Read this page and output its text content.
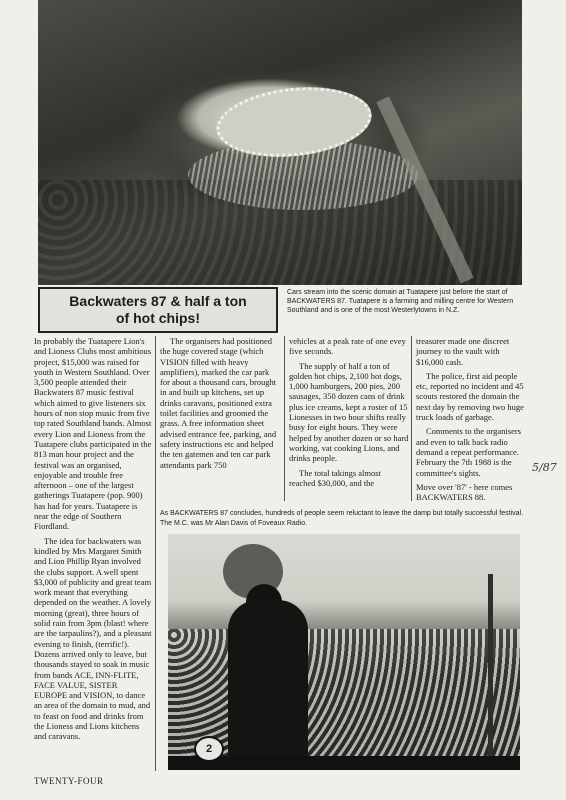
Backwaters 87 & half a ton
of hot chips!
Cars stream into the scenic domain at Tuatapere just before the start of BACKWATERS 87. Tuatapere is a farming and milling centre for Western Southland and is one of the most Westerlytowns in N.Z.

In probably the Tuatapere Lion's and Lioness Clubs most ambitious project, $15,000 was raised for youth in Western Southland. Over 3,500 people attended their Backwaters 87 music festival which aimed to give listeners six hours of non stop music from five top rated Southland bands. Almost every Lion and Lioness from the Tuatapere clubs participated in the 813 man hour project and the festival was an organised, enjoyable and trouble free afternoon – one of the largest gatherings Tuatapere (pop. 900) has had for years. Tuatapere is near the edge of Southern Fiordland.

The idea for backwaters was kindled by Mrs Margaret Smith and Lion Phillip Ryan involved the clubs support. A well spent $3,000 of publicity and great team work meant that everything depended on the weather. A lovely morning (great), three hours of solid rain from 3pm (blast! where are the tarpaulins?), and a pleasant evening to finish, (terrific!). Dozens arrived only to leave, but thousands stayed to soak in music from bands ACE, INN-FLITE, FACE VALUE, SISTER EUROPE and VISION, to dance an area of the domain to mud, and to feast on food and drinks from the Lioness and Lions kitchens and caravans.

The organisers had positioned the huge covered stage (which VISION filled with heavy amplifiers), marked the car park for about a thousand cars, brought in and built up kitchens, set up drinks caravans, positioned extra toilet facilities and groomed the grass. A free information sheet advised entrance fee, parking, and safety instructions etc and helped the ten gatemen and ten car park attendants park 750

vehicles at a peak rate of one evey five seconds.

The supply of half a ton of golden hot chips, 2,100 hot dogs, 1,000 hamburgers, 200 pies, 200 sausages, 350 dozen cans of drink plus ice creams, kept a roster of 15 Lionesses in two hour shifts really busy for eight hours. They were helped by another dozen or so hard working, vat cooking Lions, and drinks people.

The total takings almost reached $30,000, and the

treasurer made one discreet journey to the vault with $16,000 cash.

The police, first aid people etc, reported no incident and 45 scouts restored the domain the next day by removing two huge truck loads of garbage.

Comments to the organisers and even to talk back radio demand a repeat performance. February the 7th 1988 is the committee's sights.

Move over '87' - here comes BACKWATERS 88.

5/87
As BACKWATERS 87 concludes, hundreds of people seem reluctant to leave the damp but totally successful festival.
The M.C. was Mr Alan Davis of Foveaux Radio.
2
TWENTY-FOUR
